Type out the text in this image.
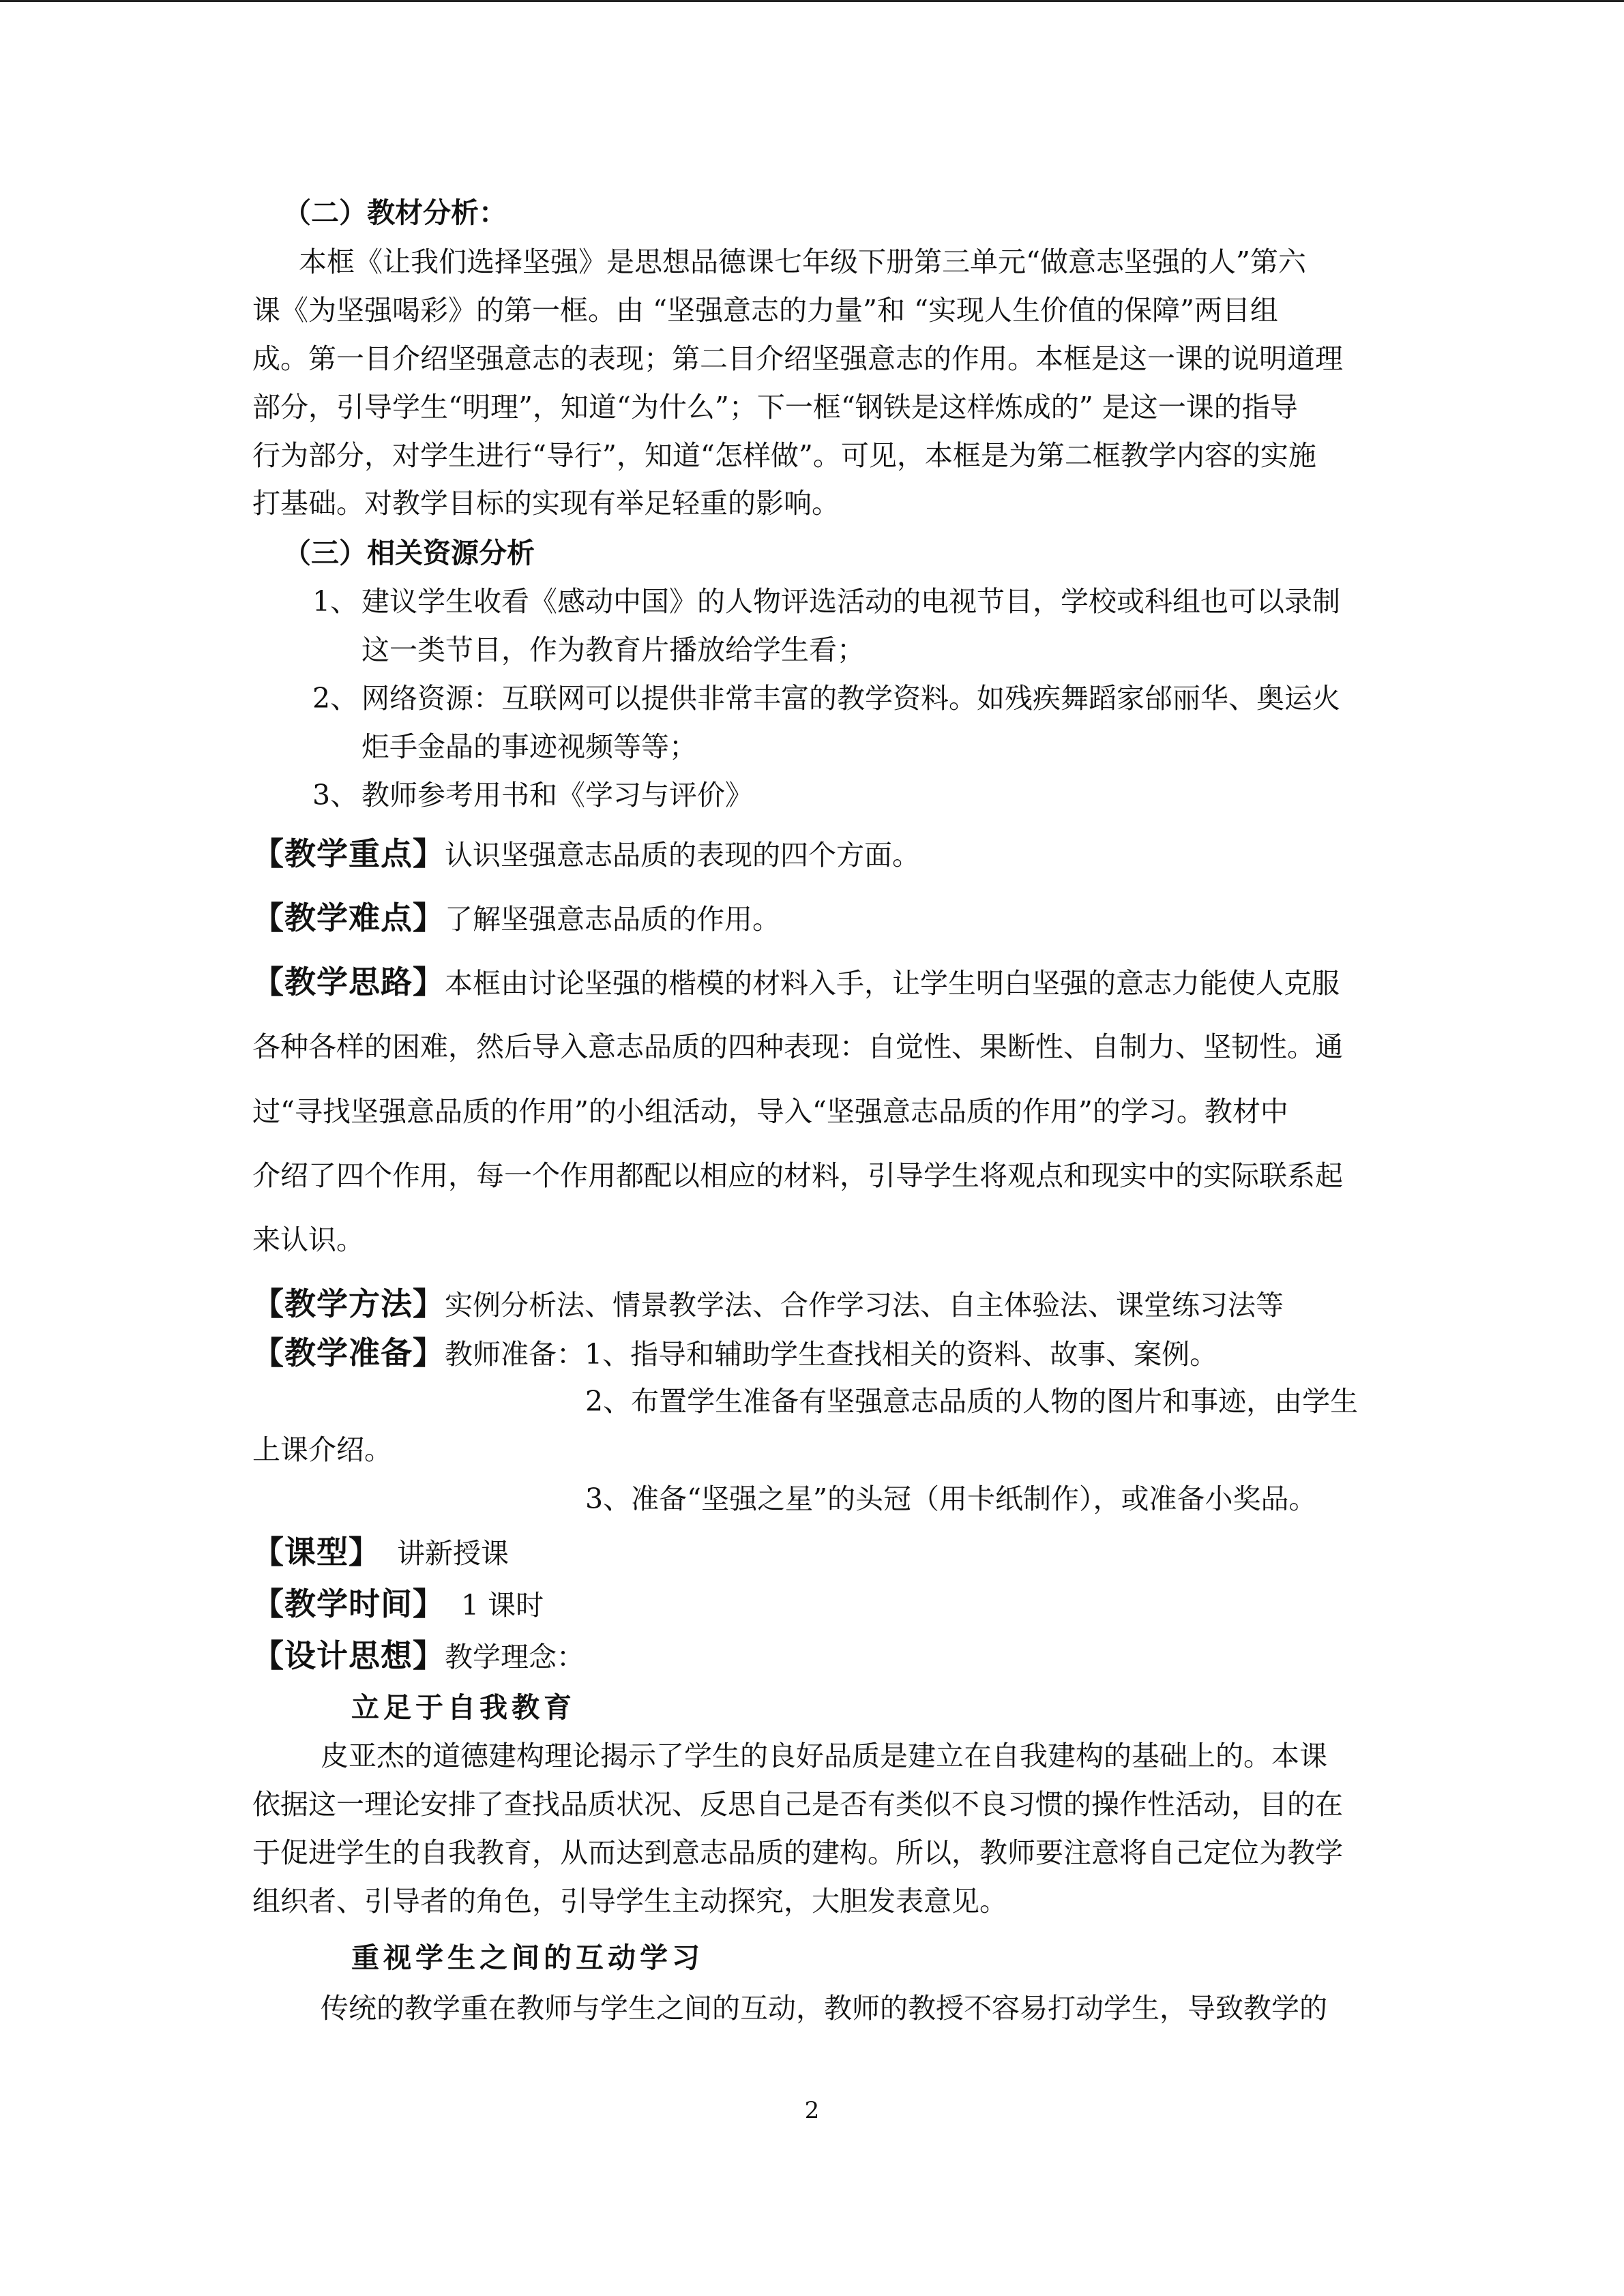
（二）教材分析：
本框《让我们选择坚强》是思想品德课七年级下册第三单元“做意志坚强的人”第六
课《为坚强喝彩》的第一框。由 “坚强意志的力量”和 “实现人生价值的保障”两目组
成。第一目介绍坚强意志的表现；第二目介绍坚强意志的作用。本框是这一课的说明道理
部分，引导学生“明理”，知道“为什么”；下一框“钢铁是这样炼成的” 是这一课的指导
行为部分，对学生进行“导行”，知道“怎样做”。可见，本框是为第二框教学内容的实施
打基础。对教学目标的实现有举足轻重的影响。
（三）相关资源分析
1、 建议学生收看《感动中国》的人物评选活动的电视节目，学校或科组也可以录制
这一类节目，作为教育片播放给学生看；
2、 网络资源：互联网可以提供非常丰富的教学资料。如残疾舞蹈家邰丽华、奥运火
炬手金晶的事迹视频等等；
3、 教师参考用书和《学习与评价》
【教学重点】认识坚强意志品质的表现的四个方面。
【教学难点】了解坚强意志品质的作用。
【教学思路】本框由讨论坚强的楷模的材料入手，让学生明白坚强的意志力能使人克服
各种各样的困难，然后导入意志品质的四种表现：自觉性、果断性、自制力、坚韧性。通
过“寻找坚强意品质的作用”的小组活动，导入“坚强意志品质的作用”的学习。教材中
介绍了四个作用，每一个作用都配以相应的材料，引导学生将观点和现实中的实际联系起
来认识。
【教学方法】实例分析法、情景教学法、合作学习法、自主体验法、课堂练习法等
【教学准备】教师准备：1、指导和辅助学生查找相关的资料、故事、案例。
2、布置学生准备有坚强意志品质的人物的图片和事迹，由学生
上课介绍。
3、准备“坚强之星”的头冠（用卡纸制作），或准备小奖品。
【课型】 讲新授课
【教学时间】 1 课时
【设计思想】教学理念：
立足于自我教育
皮亚杰的道德建构理论揭示了学生的良好品质是建立在自我建构的基础上的。本课
依据这一理论安排了查找品质状况、反思自己是否有类似不良习惯的操作性活动，目的在
于促进学生的自我教育，从而达到意志品质的建构。所以，教师要注意将自己定位为教学
组织者、引导者的角色，引导学生主动探究，大胆发表意见。
重视学生之间的互动学习
传统的教学重在教师与学生之间的互动，教师的教授不容易打动学生，导致教学的
2
